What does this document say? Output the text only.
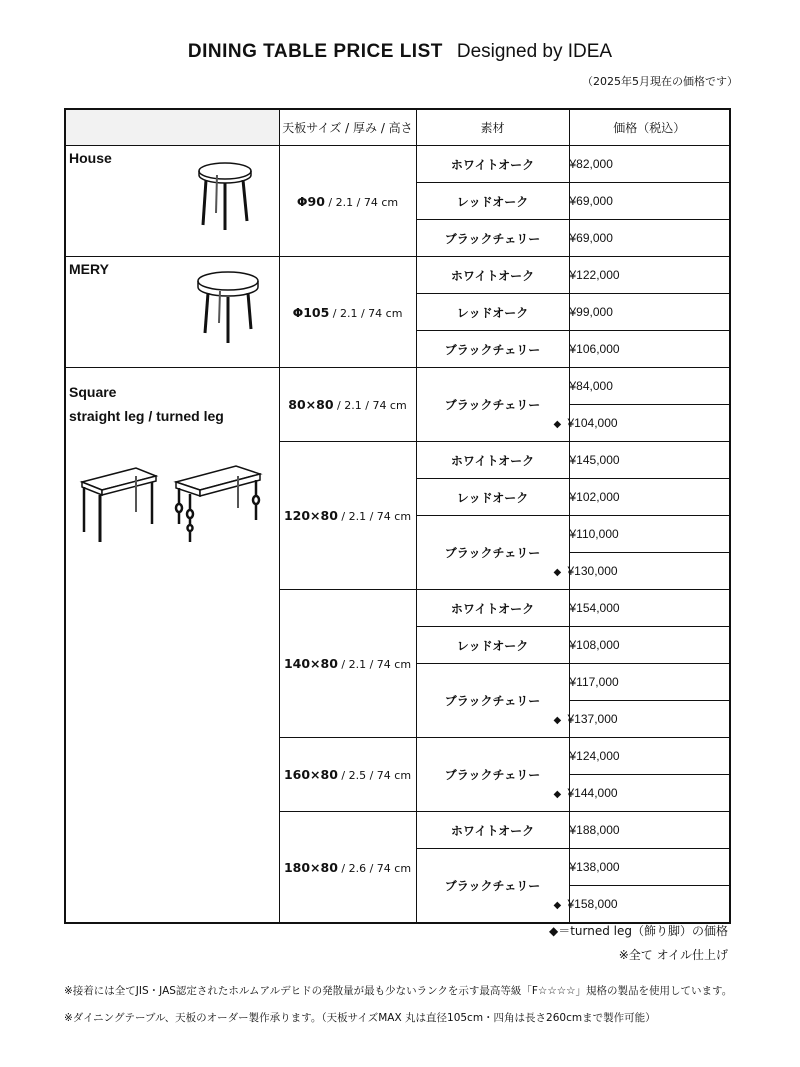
DINING TABLE PRICE LIST Designed by IDEA
（2025年5月現在の価格です）
	天板サイズ / 厚み / 高さ	素材	価格（税込）

House	Φ90 / 2.1 / 74 cm	ホワイトオーク	¥82,000
		レッドオーク	¥69,000
		ブラックチェリー	¥69,000

MERY	Φ105 / 2.1 / 74 cm	ホワイトオーク	¥122,000
		レッドオーク	¥99,000
		ブラックチェリー	¥106,000

Square
straight leg / turned leg	80×80 / 2.1 / 74 cm	ブラックチェリー	¥84,000
			◆ ¥104,000
	120×80 / 2.1 / 74 cm	ホワイトオーク	¥145,000
		レッドオーク	¥102,000
		ブラックチェリー	¥110,000
			◆ ¥130,000
	140×80 / 2.1 / 74 cm	ホワイトオーク	¥154,000
		レッドオーク	¥108,000
		ブラックチェリー	¥117,000
			◆ ¥137,000
	160×80 / 2.5 / 74 cm	ブラックチェリー	¥124,000
			◆ ¥144,000
	180×80 / 2.6 / 74 cm	ホワイトオーク	¥188,000
		ブラックチェリー	¥138,000
			◆ ¥158,000
◆＝turned leg（飾り脚）の価格
※全て オイル仕上げ
※接着には全てJIS・JAS認定されたホルムアルデヒドの発散量が最も少ないランクを示す最高等級「F☆☆☆☆」規格の製品を使用しています。
※ダイニングテーブル、天板のオーダー製作承ります。（天板サイズMAX 丸は直径105cm・四角は長さ260cmまで製作可能）
